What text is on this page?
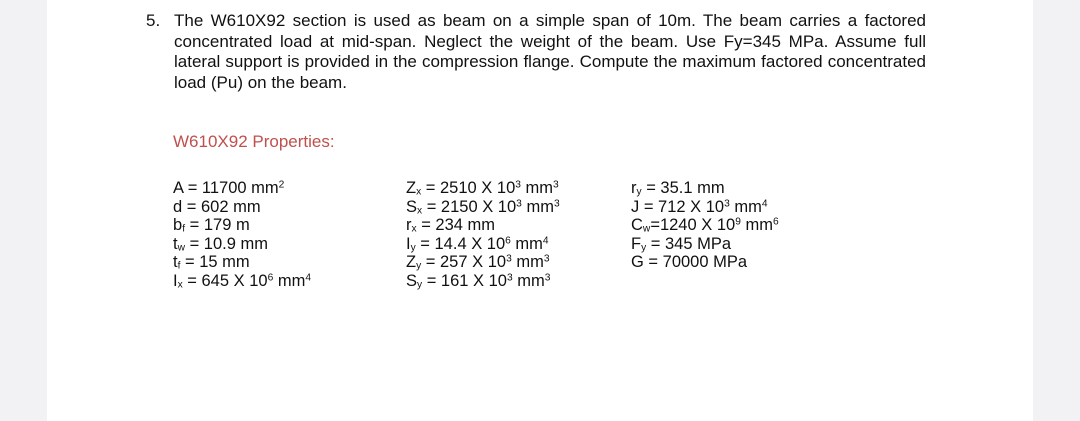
5. The W610X92 section is used as beam on a simple span of 10m. The beam carries a factored concentrated load at mid-span. Neglect the weight of the beam. Use Fy=345 MPa. Assume full lateral support is provided in the compression flange. Compute the maximum factored concentrated load (Pu) on the beam.
W610X92 Properties:
A = 11700 $mm^2$
d = 602 mm
$b_f = 179$ m
$t_w = 10.9$ mm
$t_f = 15$ mm
$I_x = 645$ X $10^6$ $mm^4$
$Z_x = 2510$ X $10^3$ $mm^3$
$S_x = 2150$ X $10^3$ $mm^3$
$r_x = 234$ mm
$I_y = 14.4$ X $10^6$ $mm^4$
$Z_y = 257$ X $10^3$ $mm^3$
$S_y = 161$ X $10^3$ $mm^3$
$r_y = 35.1$ mm
J = 712 X $10^3$ $mm^4$
$C_w=1240$ X $10^9$ $mm^6$
$F_y = 345$ MPa
G = 70000 MPa
